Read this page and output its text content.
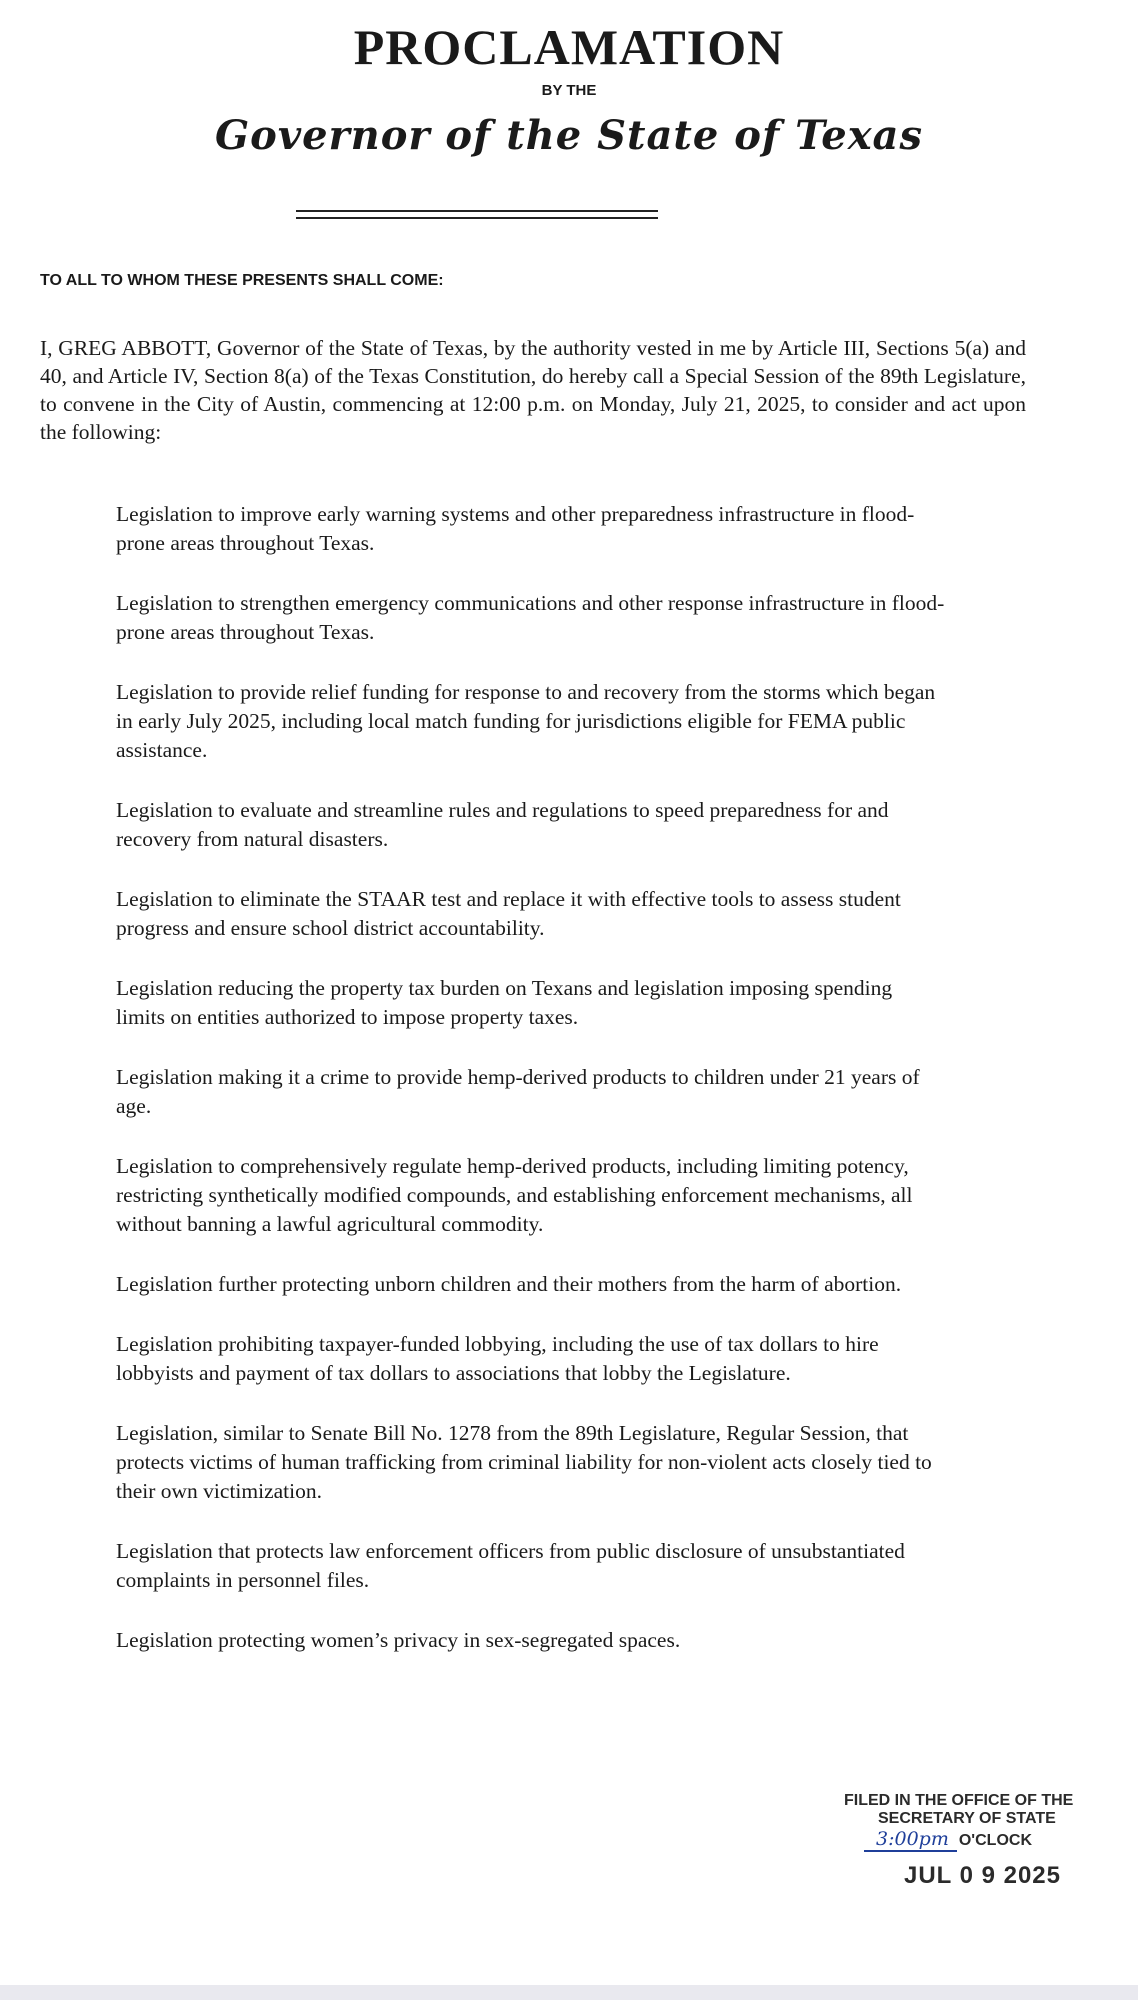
PROCLAMATION
BY THE
Governor of the State of Texas
TO ALL TO WHOM THESE PRESENTS SHALL COME:

I, GREG ABBOTT, Governor of the State of Texas, by the authority vested in me by Article III, Sections 5(a) and 40, and Article IV, Section 8(a) of the Texas Constitution, do hereby call a Special Session of the 89th Legislature, to convene in the City of Austin, commencing at 12:00 p.m. on Monday, July 21, 2025, to consider and act upon the following:

Legislation to improve early warning systems and other preparedness infrastructure in flood-prone areas throughout Texas.
Legislation to strengthen emergency communications and other response infrastructure in flood-prone areas throughout Texas.
Legislation to provide relief funding for response to and recovery from the storms which began in early July 2025, including local match funding for jurisdictions eligible for FEMA public assistance.
Legislation to evaluate and streamline rules and regulations to speed preparedness for and recovery from natural disasters.
Legislation to eliminate the STAAR test and replace it with effective tools to assess student progress and ensure school district accountability.
Legislation reducing the property tax burden on Texans and legislation imposing spending limits on entities authorized to impose property taxes.
Legislation making it a crime to provide hemp-derived products to children under 21 years of age.
Legislation to comprehensively regulate hemp-derived products, including limiting potency, restricting synthetically modified compounds, and establishing enforcement mechanisms, all without banning a lawful agricultural commodity.
Legislation further protecting unborn children and their mothers from the harm of abortion.
Legislation prohibiting taxpayer-funded lobbying, including the use of tax dollars to hire lobbyists and payment of tax dollars to associations that lobby the Legislature.
Legislation, similar to Senate Bill No. 1278 from the 89th Legislature, Regular Session, that protects victims of human trafficking from criminal liability for non-violent acts closely tied to their own victimization.
Legislation that protects law enforcement officers from public disclosure of unsubstantiated complaints in personnel files.
Legislation protecting women’s privacy in sex-segregated spaces.
FILED IN THE OFFICE OF THE
SECRETARY OF STATE
3:00pm O'CLOCK
JUL 0 9 2025
